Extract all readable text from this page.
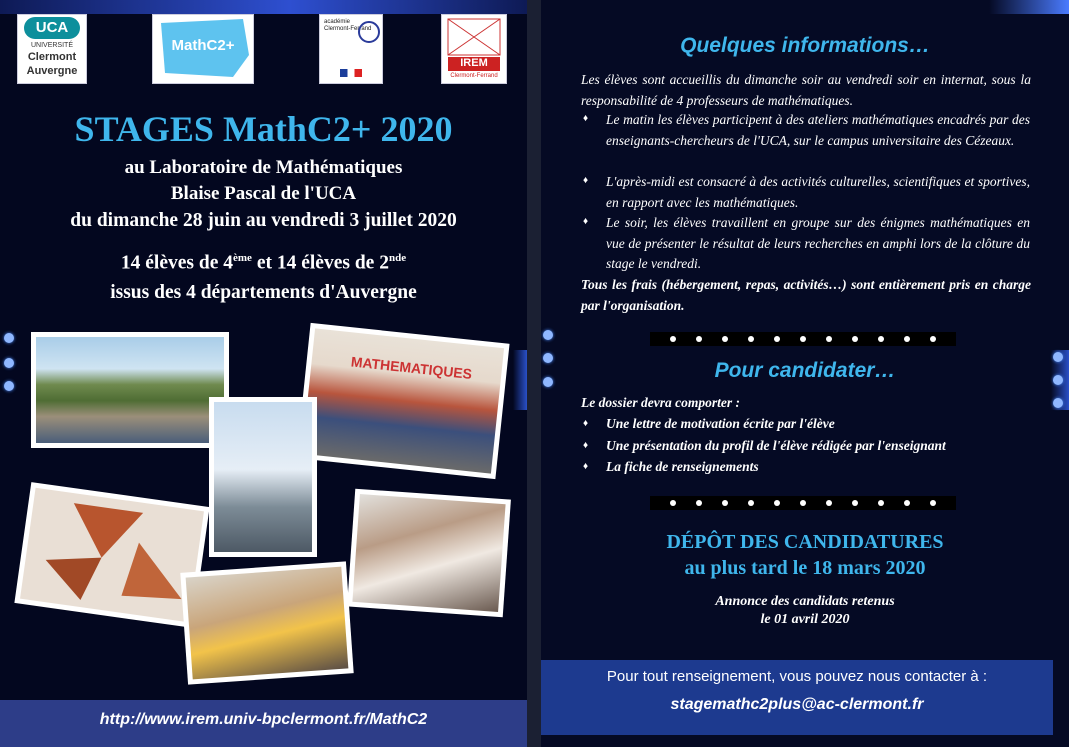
UCA
UNIVERSITÉ
Clermont
Auvergne
MathC2+
académie Clermont-Ferrand
IREM
Clermont-Ferrand
STAGES MathC2+ 2020
au Laboratoire de Mathématiques
Blaise Pascal de l'UCA
du dimanche 28 juin au vendredi 3 juillet 2020
14 élèves de 4ème et 14 élèves de 2nde
issus des 4 départements d'Auvergne
MATHEMATIQUES
http://www.irem.univ-bpclermont.fr/MathC2
Quelques informations…
Les élèves sont accueillis du dimanche soir au vendredi soir en internat, sous la responsabilité de 4 professeurs de mathématiques.
♦ Le matin les élèves participent à des ateliers mathématiques encadrés par des enseignants-chercheurs de l'UCA, sur le campus universitaire des Cézeaux.
♦ L'après-midi est consacré à des activités culturelles, scientifiques et sportives, en rapport avec les mathématiques.
♦ Le soir, les élèves travaillent en groupe sur des énigmes mathématiques en vue de présenter le résultat de leurs recherches en amphi lors de la clôture du stage le vendredi.
Tous les frais (hébergement, repas, activités…) sont entièrement pris en charge par l'organisation.
Pour candidater…
Le dossier devra comporter :
♦ Une lettre de motivation écrite par l'élève
♦ Une présentation du profil de l'élève rédigée par l'enseignant
♦ La fiche de renseignements
DÉPÔT DES CANDIDATURES
au plus tard le 18 mars 2020
Annonce des candidats retenus
le 01 avril 2020
Pour tout renseignement, vous pouvez nous contacter à :
stagemathc2plus@ac-clermont.fr
